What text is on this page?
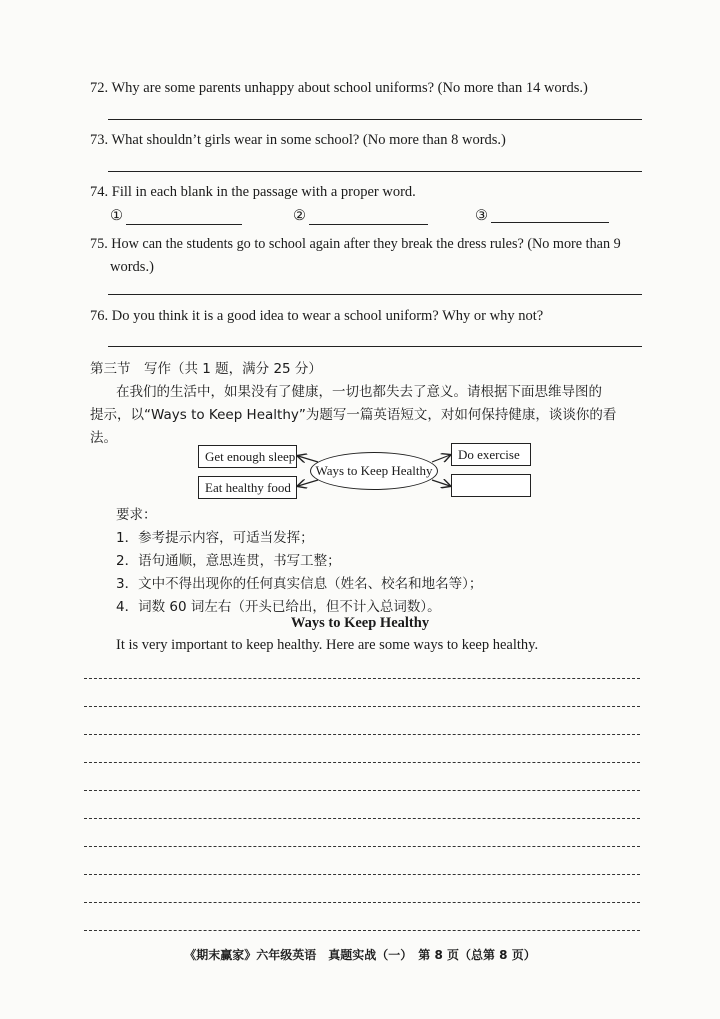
72. Why are some parents unhappy about school uniforms? (No more than 14 words.)
73. What shouldn’t girls wear in some school? (No more than 8 words.)
74. Fill in each blank in the passage with a proper word.
①	②	③
75. How can the students go to school again after they break the dress rules? (No more than 9
words.)
76. Do you think it is a good idea to wear a school uniform? Why or why not?
第三节　写作（共 1 题，满分 25 分）
在我们的生活中，如果没有了健康，一切也都失去了意义。请根据下面思维导图的
提示，以“Ways to Keep Healthy”为题写一篇英语短文，对如何保持健康，谈谈你的看
法。
Get enough sleep
Eat healthy food
Ways to Keep Healthy
Do exercise
要求：
1．参考提示内容，可适当发挥；
2．语句通顺，意思连贯，书写工整；
3．文中不得出现你的任何真实信息（姓名、校名和地名等）；
4．词数 60 词左右（开头已给出，但不计入总词数）。
Ways to Keep Healthy
It is very important to keep healthy. Here are some ways to keep healthy.
《期末赢家》六年级英语　真题实战（一）　第 8 页（总第 8 页）
